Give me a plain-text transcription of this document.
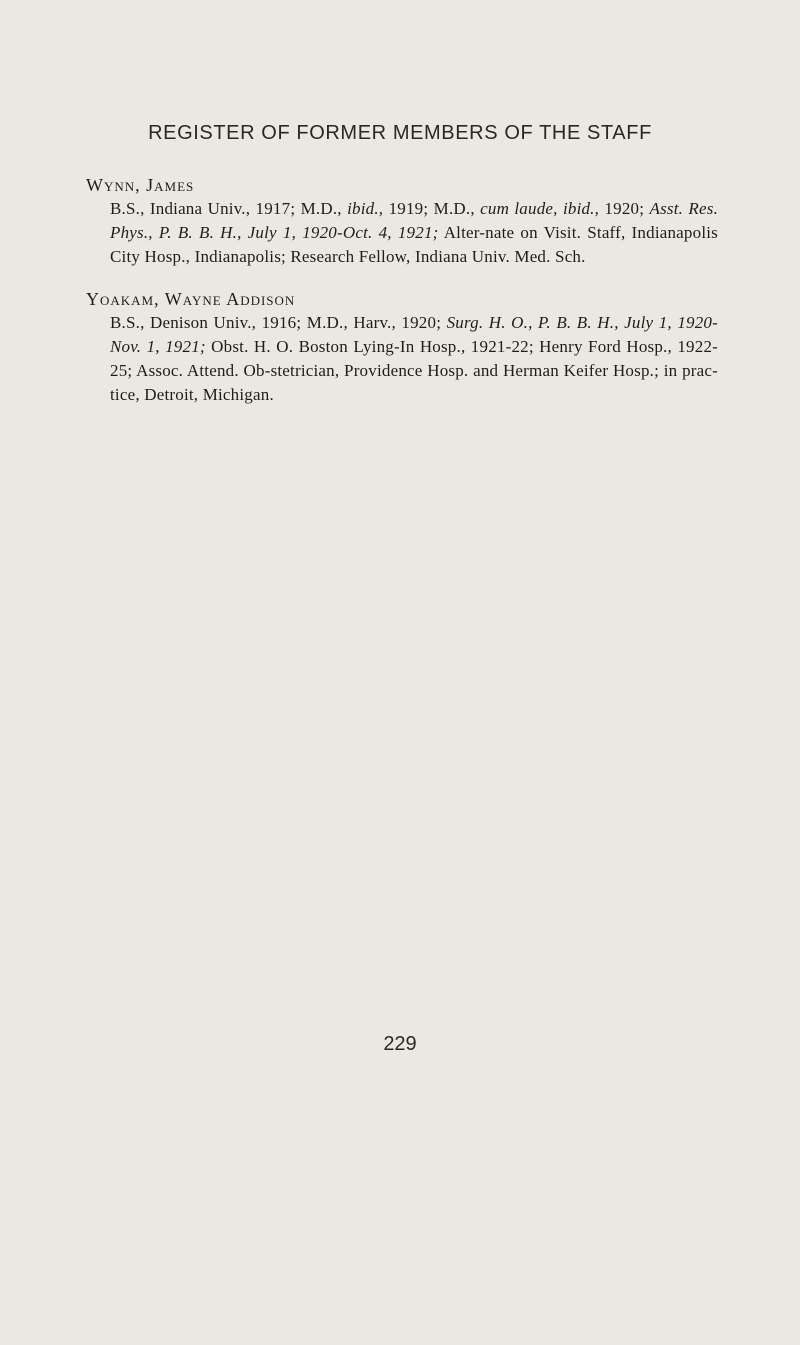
REGISTER OF FORMER MEMBERS OF THE STAFF

Wynn, James

B.S., Indiana Univ., 1917; M.D., ibid., 1919; M.D., cum laude, ibid., 1920; Asst. Res. Phys., P. B. B. H., July 1, 1920-Oct. 4, 1921; Alter-nate on Visit. Staff, Indianapolis City Hosp., Indianapolis; Research Fellow, Indiana Univ. Med. Sch.

Yoakam, Wayne Addison

B.S., Denison Univ., 1916; M.D., Harv., 1920; Surg. H. O., P. B. B. H., July 1, 1920-Nov. 1, 1921; Obst. H. O. Boston Lying-In Hosp., 1921-22; Henry Ford Hosp., 1922-25; Assoc. Attend. Ob-stetrician, Providence Hosp. and Herman Keifer Hosp.; in prac-tice, Detroit, Michigan.

229
